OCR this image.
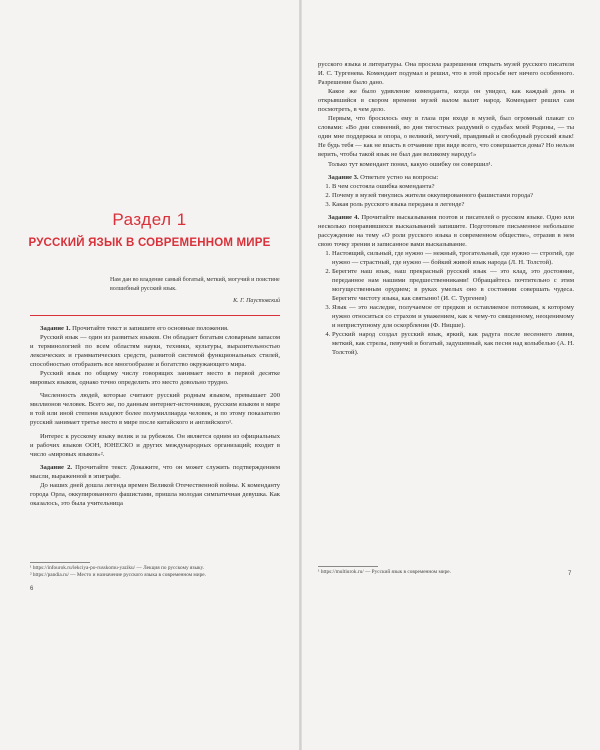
Раздел 1
РУССКИЙ ЯЗЫК В СОВРЕМЕННОМ МИРЕ
Нам дан во владение самый богатый, меткий, могучий и поистине волшебный русский язык.
К. Г. Паустовский

Задание 1. Прочитайте текст и запишите его основные положения.

Русский язык — один из развитых языков. Он обладает богатым словарным запасом и терминологией по всем областям науки, техники, культуры, выразительностью лексических и грамматических средств, развитой системой функциональных стилей, способностью отобразить все многообразие и богатство окружающего мира.

Русский язык по общему числу говорящих занимает место в первой десятке мировых языков, однако точно определить это место довольно трудно.

Численность людей, которые считают русский родным языком, превышает 200 миллионов человек. Всего же, по данным интернет-источников, русским языком в мире в той или иной степени владеют более полумиллиарда человек, и по этому показателю русский занимает третье место в мире после китайского и английского¹.

Интерес к русскому языку велик и за рубежом. Он является одним из официальных и рабочих языков ООН, ЮНЕСКО и других международных организаций; входит в число «мировых языков»².

Задание 2. Прочитайте текст. Докажите, что он может служить подтверждением мысли, выраженной в эпиграфе.

До наших дней дошла легенда времен Великой Отечественной войны. К коменданту города Орла, оккупированного фашистами, пришла молодая симпатичная девушка. Как оказалось, это была учительница

¹ https://infourok.ru/lekciya-po-russkomu-yaziku/ — Лекция по русскому языку.
² https://pandia.ru/ — Место и назначение русского языка в современном мире.
6

русского языка и литературы. Она просила разрешения открыть музей русского писателя И. С. Тургенева. Комендант подумал и решил, что в этой просьбе нет ничего особенного. Разрешение было дано.

Какое же было удивление коменданта, когда он увидел, как каждый день и открывшийся в скором времени музей валом валит народ. Комендант решил сам посмотреть, в чем дело.

Первым, что бросилось ему в глаза при входе в музей, был огромный плакат со словами: «Во дни сомнений, во дни тягостных раздумий о судьбах моей Родины, — ты один мне поддержка и опора, о великий, могучий, правдивый и свободный русский язык! Не будь тебя — как не впасть в отчаяние при виде всего, что совершается дома? Но нельзя верить, чтобы такой язык не был дан великому народу!»

Только тут комендант понял, какую ошибку он совершил¹.

Задание 3. Ответьте устно на вопросы:

1. В чем состояла ошибка коменданта?
2. Почему в музей тянулись жители оккупированного фашистами города?
3. Какая роль русского языка передана в легенде?

Задание 4. Прочитайте высказывания поэтов и писателей о русском языке. Одно или несколько понравившихся высказываний запишите. Подготовьте письменное небольшое рассуждение на тему «О роли русского языка в современном обществе», отразив в нем свою точку зрения и записанное вами высказывание.

1. Настоящий, сильный, где нужно — нежный, трогательный, где нужно — строгий, где нужно — страстный, где нужно — бойкий живой язык народа (Л. Н. Толстой).
2. Берегите наш язык, наш прекрасный русский язык — это клад, это достояние, переданное нам нашими предшественниками! Обращайтесь почтительно с этим могущественным орудием; в руках умелых оно в состоянии совершать чудеса. Берегите чистоту языка, как святыню! (И. С. Тургенев)
3. Язык — это наследие, получаемое от предков и оставляемое потомкам, к которому нужно относиться со страхом и уважением, как к чему-то священному, неоценимому и неприступному для оскорбления (Ф. Ницше).
4. Русский народ создал русский язык, яркий, как радуга после весеннего ливня, меткий, как стрелы, певучий и богатый, задушевный, как песня над колыбелью (А. Н. Толстой).
¹ https://multiurok.ru/ — Русский язык в современном мире.	7
